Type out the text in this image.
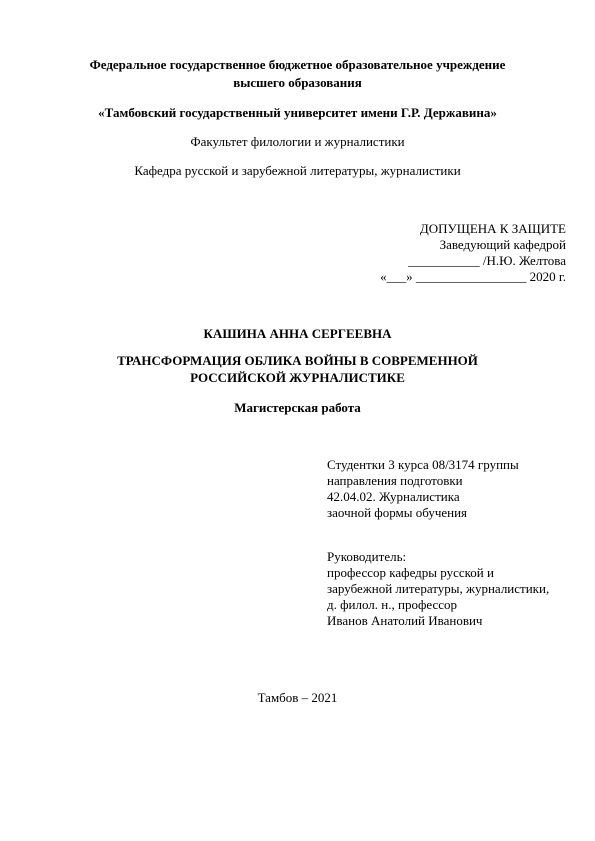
Федеральное государственное бюджетное образовательное учреждение
высшего образования
«Тамбовский государственный университет имени Г.Р. Державина»
Факультет филологии и журналистики
Кафедра русской и зарубежной литературы, журналистики
ДОПУЩЕНА К ЗАЩИТЕ
Заведующий кафедрой
___________ /Н.Ю. Желтова
«___» _________________ 2020 г.
КАШИНА АННА СЕРГЕЕВНА
ТРАНСФОРМАЦИЯ ОБЛИКА ВОЙНЫ В СОВРЕМЕННОЙ
РОССИЙСКОЙ ЖУРНАЛИСТИКЕ
Магистерская работа
Студентки 3 курса 08/3174 группы
направления подготовки
42.04.02. Журналистика
заочной формы обучения
Руководитель:
профессор кафедры русской и
зарубежной литературы, журналистики,
д. филол. н., профессор
Иванов Анатолий Иванович
Тамбов – 2021
